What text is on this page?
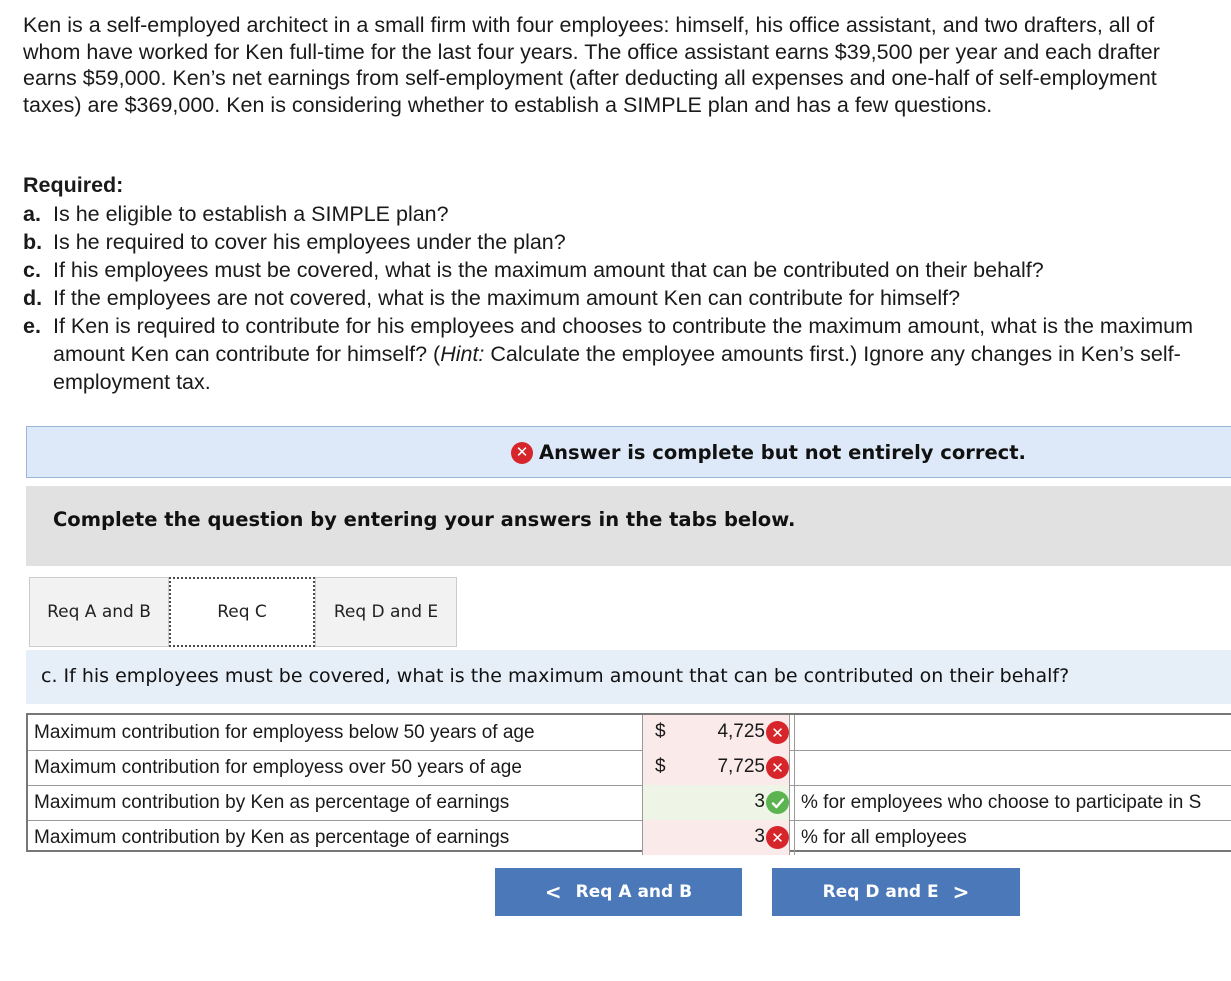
Ken is a self-employed architect in a small firm with four employees: himself, his office assistant, and two drafters, all of whom have worked for Ken full-time for the last four years. The office assistant earns $39,500 per year and each drafter earns $59,000. Ken’s net earnings from self-employment (after deducting all expenses and one-half of self-employment taxes) are $369,000. Ken is considering whether to establish a SIMPLE plan and has a few questions.

Required:

a. Is he eligible to establish a SIMPLE plan?
b. Is he required to cover his employees under the plan?
c. If his employees must be covered, what is the maximum amount that can be contributed on their behalf?
d. If the employees are not covered, what is the maximum amount Ken can contribute for himself?
e. If Ken is required to contribute for his employees and chooses to contribute the maximum amount, what is the maximum amount Ken can contribute for himself? (Hint: Calculate the employee amounts first.) Ignore any changes in Ken’s self-employment tax.
✕ Answer is complete but not entirely correct.
Complete the question by entering your answers in the tabs below.
Req A and B	Req C	Req D and E
c. If his employees must be covered, what is the maximum amount that can be contributed on their behalf?
Maximum contribution for employess below 50 years of age	$	4,725 ✕
Maximum contribution for employess over 50 years of age	$	7,725 ✕
Maximum contribution by Ken as percentage of earnings	3	% for employees who choose to participate in S
Maximum contribution by Ken as percentage of earnings	3 ✕ % for all employees
< Req A and B	Req D and E >
